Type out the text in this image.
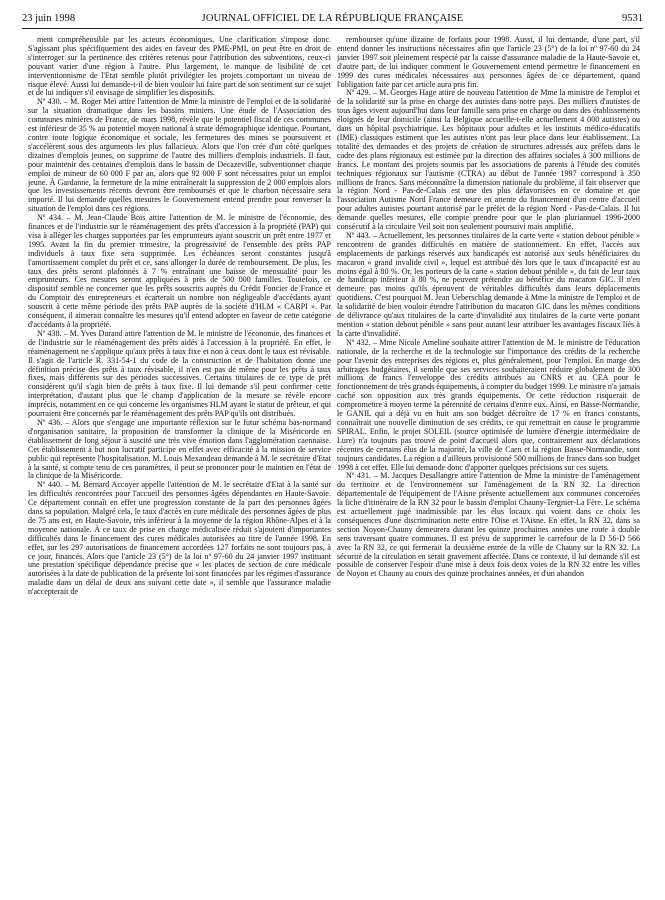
23 juin 1998	JOURNAL OFFICIEL DE LA RÉPUBLIQUE FRANÇAISE	9531

ment compréhensible par les acteurs économiques. Une clarification s'impose donc. S'agissant plus spécifiquement des aides en faveur des PME-PMI, on peut être en droit de s'interroger sur la pertinence des critères retenus pour l'attribution des subventions, ceux-ci pouvant varier d'une région à l'autre. Plus largement, le manque de lisibilité de cet interventionnisme de l'Etat semble plutôt privilégier les projets comportant un niveau de risque élevé. Aussi lui demande-t-il de bien vouloir lui faire part de son sentiment sur ce sujet et de lui indiquer s'il envisage de simplifier les dispositifs.

Nº 430. – M. Roger Meï attire l'attention de Mme la ministre de l'emploi et de la solidarité sur la situation dramatique dans les bassins miniers. Une étude de l'Association des communes minières de France, de mars 1998, révèle que le potentiel fiscal de ces communes est inférieur de 35 % au potentiel moyen national à strate démographique identique. Pourtant, contre toute logique économique et sociale, les fermetures des mines se poursuivent et s'accélèrent sous des arguments les plus fallacieux. Alors que l'on crée d'un côté quelques dizaines d'emplois jeunes, on supprime de l'autre des milliers d'emplois industriels. Il faut, pour maintenir des centaines d'emplois dans le bassin de Decazeville, subventionner chaque emploi de mineur de 60 000 F par an, alors que 92 000 F sont nécessaires pour un emploi jeune. À Gardanne, la fermeture de la mine entraînerait la suppression de 2 000 emplois alors que les investissements récents devront être remboursés et que le charbon nécessaire sera importé. Il lui demande quelles mesures le Gouvernement entend prendre pour renverser la situation de l'emploi dans ces régions.

Nº 434. – M. Jean-Claude Bois attire l'attention de M. le ministre de l'économie, des finances et de l'industrie sur le réaménagement des prêts d'accession à la propriété (PAP) qui visa à alléger les charges supportées par les emprunteurs ayant souscrit un prêt entre 1977 et 1995. Avant la fin du premier trimestre, la progressivité de l'ensemble des prêts PAP individuels à taux fixe sera supprimée. Les échéances seront constantes jusqu'à l'amortissement complet du prêt et ce, sans allonger la durée de remboursement. De plus, les taux des prêts seront plafonnés à 7 % entraînant une baisse de mensualité pour les emprunteurs. Ces mesures seront appliquées à près de 500 000 familles. Toutefois, ce dispositif semble ne concerner que les prêts souscrits auprès du Crédit Foncier de France et du Comptoir des entrepreneurs et écarterait un nombre non négligeable d'accédants ayant souscrit à cette même période des prêts PAP auprès de la société d'HLM « CARPI ». Par conséquent, il aimerait connaître les mesures qu'il entend adopter en faveur de cette catégorie d'accédants à la propriété.

Nº 438. – M. Yves Durand attire l'attention de M. le ministre de l'économie, des finances et de l'industrie sur le réaménagement des prêts aidés à l'accession à la propriété. En effet, le réaménagement ne s'applique qu'aux prêts à taux fixe et non à ceux dont le taux est révisable. Il s'agit de l'article R. 331-54-1 du code de la construction et de l'habitation donne une définition précise des prêts à taux révisable, il n'en est pas de même pour les prêts à taux fixes, mais différents sur des périodes successives. Certains titulaires de ce type de prêt considèrent qu'il s'agit bien de prêts à taux fixe. Il lui demande s'il peut confirmer cette interprétation, d'autant plus que le champ d'application de la mesure se révèle encore imprécis, notamment en ce qui concerne les organismes HLM ayant le statut de prêteur, et qui pourraient être concernés par le réaménagement des prêts PAP qu'ils ont distribués.

Nº 436. – Alors que s'engage une importante réflexion sur le futur schéma bas-normand d'organisation sanitaire, la proposition de transformer la clinique de la Miséricorde en établissement de long séjour à suscité une très vive émotion dans l'agglomération caennaise. Cet établissement à but non lucratif participe en effet avec efficacité à la mission de service public qui représente l'hospitalisation. M. Louis Mexandeau demande à M. le secrétaire d'Etat à la santé, si compte tenu de ces paramètres, il peut se prononcer pour le maintien en l'état de la clinique de la Miséricorde.

Nº 440. – M. Bernard Accoyer appelle l'attention de M. le secrétaire d'Etat à la santé sur les difficultés rencontrées pour l'accueil des personnes âgées dépendantes en Haute-Savoie. Ce département connaît en effet une progression constante de la part des personnes âgées dans sa population. Malgré cela, le taux d'accès en cure médicale des personnes âgées de plus de 75 ans est, en Haute-Savoie, très inférieur à la moyenne de la région Rhône-Alpes et à la moyenne nationale. À ce taux de prise en charge médicalisée réduit s'ajoutent d'importantes difficultés dans le financement des cures médicales autorisées au titre de l'année 1998. En effet, sur les 297 autorisations de financement accordées 127 forfaits ne sont toujours pas, à ce jour, financés. Alors que l'article 23 (5°) de la loi nº 97-60 du 24 janvier 1997 instituant une prestation spécifique dépendance précise que « les places de section de cure médicale autorisées à la date de publication de la présente loi sont financées par les régimes d'assurance maladie dans un délai de deux ans suivant cette date », il semble que l'assurance maladie n'accepterait de

rembourser qu'une dizaine de forfaits pour 1998. Aussi, il lui demande, d'une part, s'il entend donner les instructions nécessaires afin que l'article 23 (5°) de la loi nº 97-60 du 24 janvier 1997 soit pleinement respecté par la caisse d'assurance maladie de la Haute-Savoie et, d'autre part, de lui indiquer comment le Gouvernement entend permettre le financement en 1999 des cures médicales nécessaires aux personnes âgées de ce département, quand l'obligation faite par cet article aura pris fin.

Nº 429. – M. Georges Hage attire de nouveau l'attention de Mme la ministre de l'emploi et de la solidarité sur la prise en charge des autistes dans notre pays. Des milliers d'autistes de tous âges vivent aujourd'hui dans leur famille sans prise en charge ou dans des établissements éloignés de leur domicile (ainsi la Belgique accueille-t-elle actuellement 4 000 autistes) ou dans un hôpital psychiatrique. Les hôpitaux pour adultes et les instituts médico-éducatifs (IME) classiques estiment que les autistes n'ont pas leur place dans leur établissement. La totalité des demandes et des projets de création de structures adressés aux préfets dans le cadre des plans régionaux est estimée par la direction des affaires sociales à 300 millions de francs. Le montant des projets soumis par les associations de parents à l'étude des comités techniques régionaux sur l'autisme (CTRA) au début de l'année 1997 correspond à 350 millions de francs. Sans méconnaître la dimension nationale du problème, il fait observer que la région Nord - Pas-de-Calais est une des plus défavorisées en ce domaine et que l'association Autisme Nord France demeure en attente du financement d'un centre d'accueil pour adultes autistes pourtant autorisé par le préfet de la région Nord - Pas-de-Calais. Il lui demande quelles mesures, elle compte prendre pour que le plan pluriannuel 1996-2000 consécutif à la circulaire Veil soit non seulement poursuivi mais amplifié.

Nº 443. – Actuellement, les personnes titulaires de la carte verte « station debout pénible » rencontrent de grandes difficultés en matière de stationnement. En effet, l'accès aux emplacements de parkings réservés aux handicapés est autorisé aux seuls bénéficiaires du macaron « grand invalide civil », lequel est attribué dès lors que le taux d'incapacité est au moins égal à 80 %. Or, les porteurs de la carte « station debout pénible », du fait de leur taux de handicap inférieur à 80 %, ne peuvent prétendre au bénéfice du macaron GIC. Il n'en demeure pas moins qu'ils éprouvent de véritables difficultés dans leurs déplacements quotidiens. C'est pourquoi M. Jean Ueberschlag demande à Mme la ministre de l'emploi et de la solidarité de bien vouloir étendre l'attribution du macaron GIC dans les mêmes conditions de délivrance qu'aux titulaires de la carte d'invalidité aux titulaires de la carte verte portant mention « station debout pénible » sans pour autant leur attribuer les avantages fiscaux liés à la carte d'invalidité.

Nº 432. – Mme Nicole Ameline souhaite attirer l'attention de M. le ministre de l'éducation nationale, de la recherche et de la technologie sur l'importance des crédits de la recherche pour l'avenir des entreprises des régions et, plus généralement, pour l'emploi. En marge des arbitrages budgétaires, il semble que ses services souhaiteraient réduire globalement de 300 millions de francs l'enveloppe des crédits attribués au CNRS et au CEA pour le fonctionnement de très grands équipements, à compter du budget 1999. Le ministre n'a jamais caché son opposition aux très grands équipements. Or cette réduction risquerait de compromettre à moyen terme la pérennité de certains d'entre eux. Ainsi, en Basse-Normandie, le GANIL qui a déjà vu en huit ans son budget décroître de 17 % en francs constants, connaîtrait une nouvelle diminution de ses crédits, ce qui remettrait en cause le programme SPIRAL. Enfin, le projet SOLEIL (source optimisée de lumière d'énergie intermédiaire de Lure) n'a toujours pas trouvé de point d'accueil alors que, contrairement aux déclarations récentes de certains élus de la majorité, la ville de Caen et la région Basse-Normandie, sont toujours candidates. La région a d'ailleurs provisionné 500 millions de francs dans son budget 1998 à cet effet. Elle lui demande donc d'apporter quelques précisions sur ces sujets.

Nº 431. – M. Jacques Desallangre attire l'attention de Mme la ministre de l'aménagement du territoire et de l'environnement sur l'aménagement de la RN 32. La direction départementale de l'équipement de l'Aisne présente actuellement aux communes concernées la fiche d'itinéraire de la RN 32 pour le bassin d'emploi Chauny-Tergnier-La Fère. Le schéma est actuellement jugé inadmissible par les élus locaux qui voient dans ce choix les conséquences d'une discrimination nette entre l'Oise et l'Aisne. En effet, la RN 32, dans sa section Noyon-Chauny demeurera durant les quinze prochaines années une route à double sens traversant quatre communes. Il est prévu de supprimer le carrefour de la D 56-D 566 avec la RN 32, ce qui fermerait la deuxième entrée de la ville de Chauny sur la RN 32. La sécurité de la circulation en serait gravement affectée. Dans ce contexte, il lui demande s'il est possible de conserver l'espoir d'une mise à deux fois deux voies de la RN 32 entre les villes de Noyon et Chauny au cours des quinze prochaines années, et d'un abandon
